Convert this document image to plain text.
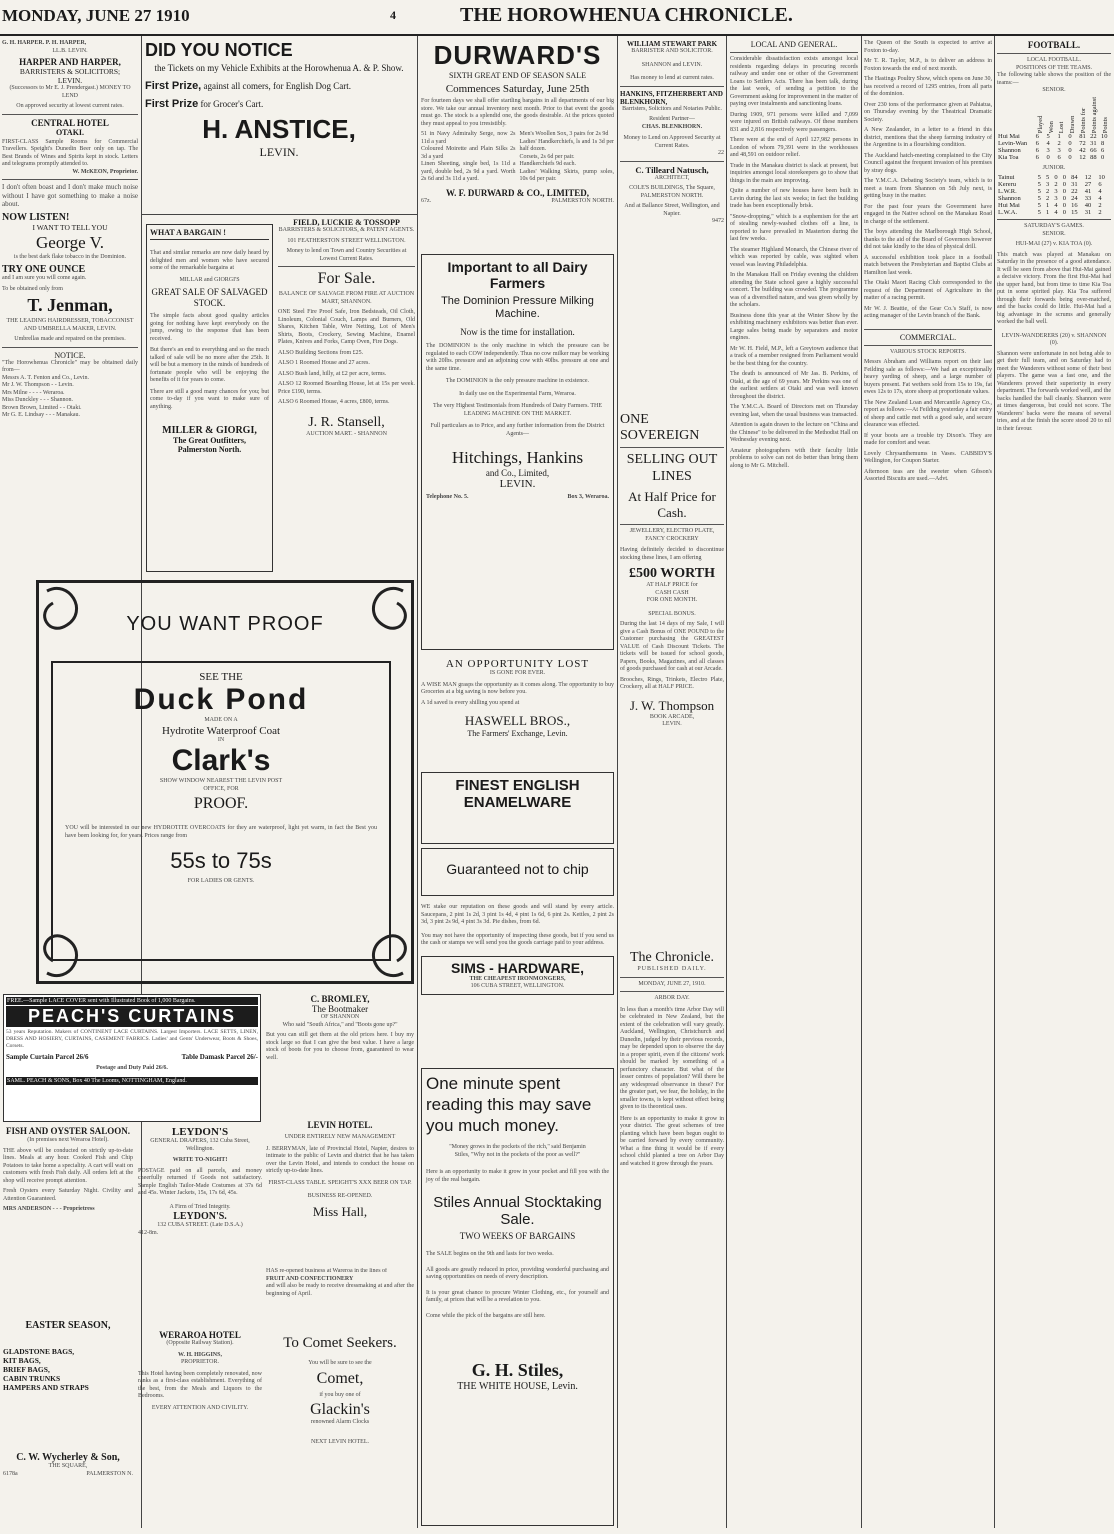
MONDAY, JUNE 27 1910	4	THE HOROWHENUA CHRONICLE.
G. H. HARPER. P. H. HARPER,
LL.B. LEVIN.
HARPER AND HARPER,
BARRISTERS & SOLICITORS;
LEVIN.
(Successors to Mr E. J. Prendergast.) MONEY TO LEND
On approved security at lowest current rates.
CENTRAL HOTEL
OTAKI.
FIRST-CLASS Sample Rooms for Commercial Travellers. Speight's Dunedin Beer only on tap. The Best Brands of Wines and Spirits kept in stock. Letters and telegrams promptly attended to.
W. McKEON, Proprietor.
I don't often boast and I don't make much noise without I have got something to make a noise about.
NOW LISTEN!
I WANT TO TELL YOU
George V.
is the best dark flake tobacco in the Dominion.
TRY ONE OUNCE
and I am sure you will come again.
To be obtained only from
T. Jenman,
THE LEADING HAIRDRESSER, TOBACCONIST AND UMBRELLA MAKER, LEVIN.
Umbrellas made and repaired on the premises.
NOTICE.
"The Horowhenua Chronicle" may be obtained daily from—
Messrs A. T. Fenton and Co., Levin.
Mr J. W. Thompson - - Levin.
Mrs Milne - - - - Weraroa.
Miss Dunckley - - - Shannon.
Brown Brown, Limited - - Otaki.
Mr G. E. Lindsay - - - Manakau.
DID YOU NOTICE
the Tickets on my Vehicle Exhibits at the Horowhenua A. & P. Show.
First Prize, against all comers, for English Dog Cart.
First Prize for Grocer's Cart.
H. ANSTICE,
LEVIN.
WHAT A BARGAIN !
That and similar remarks are now daily heard by delighted men and women who have secured some of the remarkable bargains at
MILLAR and GIORGI'S
GREAT SALE OF SALVAGED STOCK.
The simple facts about good quality articles going for nothing have kept everybody on the jump, owing to the response that has been received.
But there's an end to everything and so the much talked of sale will be no more after the 25th. It will be but a memory in the minds of hundreds of fortunate people who will be enjoying the benefits of it for years to come.
There are still a good many chances for you; but come to-day if you want to make sure of anything.
MILLER & GIORGI,
The Great Outfitters,
Palmerston North.
FIELD, LUCKIE & TOSSOPP
BARRISTERS & SOLICITORS, & PATENT AGENTS.
101 FEATHERSTON STREET WELLINGTON.
Money to lend on Town and Country Securities at Lowest Current Rates.
For Sale.
BALANCE OF SALVAGE FROM FIRE AT AUCTION MART, SHANNON.
ONE Steel Fire Proof Safe, Iron Bedsteads, Oil Cloth, Linoleum, Colonial Couch, Lamps and Burners, Old Shares, Kitchen Table, Wire Netting, Lot of Men's Shirts, Boots, Crockery, Sewing Machine, Enamel Plates, Knives and Forks, Camp Oven, Fire Dogs.
ALSO Building Sections from £25.
ALSO 1 Roomed House and 27 acres.
ALSO Bush land, hilly, at £2 per acre, terms.
ALSO 12 Roomed Boarding House, let at 15s per week. Price £190, terms.
ALSO 6 Roomed House, 4 acres, £800, terms.
J. R. Stansell,
AUCTION MART. - SHANNON
DURWARD'S
SIXTH GREAT END OF SEASON SALE
Commences Saturday, June 25th
For fourteen days we shall offer startling bargains in all departments of our big store. We take our annual inventory next month. Prior to that event the goods must go. The stock is a splendid one, the goods desirable. At the prices quoted they must appeal to you irresistibly.
51 in Navy Admiralty Serge, now 2s 11d a yard
Coloured Moirette and Plain Silks 2s 3d a yard
Linen Sheeting, single bed, 1s 11d a yard, double bed, 2s 9d a yard. Worth 2s 6d and 3s 11d a yard.
Men's Woollen Sox, 3 pairs for 2s 9d
Ladies' Handkerchiefs, ls and 1s 3d per half dozen.
Corsets, 2s 6d per pair.
Handkerchiefs 9d each.
Ladies' Walking Skirts, pump soles, 10s 6d per pair.
W. F. DURWARD & CO., LIMITED,
67z.	PALMERSTON NORTH.
Important to all Dairy Farmers
The Dominion Pressure Milking Machine.
Now is the time for installation.
The DOMINION is the only machine in which the pressure can be regulated to each COW independently. Thus no cow milker may be working with 20lbs. pressure and an adjoining cow with 40lbs. pressure at one and the same time.
The DOMINION is the only pressure machine in existence.
In daily use on the Experimental Farm, Weraroa.
The very Highest Testimonials from Hundreds of Dairy Farmers. THE LEADING MACHINE ON THE MARKET.
Full particulars as to Price, and any further information from the District Agents—
Hitchings, Hankins
and Co., Limited,
LEVIN.
Telephone No. 5.	Box 3, Weraroa.
AN OPPORTUNITY LOST
IS GONE FOR EVER.
A WISE MAN grasps the opportunity as it comes along. The opportunity to buy Groceries at a big saving is now before you.
A 1d saved is every shilling you spend at
HASWELL BROS.,
The Farmers' Exchange, Levin.
FINEST ENGLISH ENAMELWARE
Guaranteed not to chip
WE stake our reputation on these goods and will stand by every article. Saucepans, 2 pint 1s 2d, 3 pint 1s 4d, 4 pint 1s 6d, 6 pint 2s. Kettles, 2 pint 2s 3d, 3 pint 2s 9d, 4 pint 3s 3d. Pie dishes, from 6d.
You may not have the opportunity of inspecting these goods, but if you send us the cash or stamps we will send you the goods carriage paid to your address.
SIMS - HARDWARE,
THE CHEAPEST IRONMONGERS,
106 CUBA STREET, WELLINGTON.
One minute spent reading this may save you much money.
"Money grows in the pockets of the rich," said Benjamin Stiles, "Why not in the pockets of the poor as well?"
Here is an opportunity to make it grow in your pocket and fill you with the joy of the real bargain.
Stiles Annual Stocktaking Sale.
TWO WEEKS OF BARGAINS
The SALE begins on the 9th and lasts for two weeks.
All goods are greatly reduced in price, providing wonderful purchasing and saving opportunities on needs of every description.
It is your great chance to procure Winter Clothing, etc., for yourself and family, at prices that will be a revelation to you.
Come while the pick of the bargains are still here.
G. H. Stiles,
THE WHITE HOUSE, Levin.
YOU WANT PROOF
SEE THE
Duck Pond
MADE ON A
Hydrotite Waterproof Coat
IN
Clark's
SHOW WINDOW NEAREST THE LEVIN POST OFFICE, FOR
PROOF.
YOU will be interested in our new HYDROTITE OVERCOATS for they are waterproof, light yet warm, in fact the Best you have been looking for, for years. Prices range from
55s to 75s
FOR LADIES OR GENTS.
FREE.—Sample LACE COVER sent with Illustrated Book of 1,000 Bargains.
PEACH'S CURTAINS
53 years Reputation. Makers of CONTINENT LACE CURTAINS. Largest Importers. LACE SETTS, LINEN, DRESS AND HOSIERY, CURTAINS, CASEMENT FABRICS. Ladies' and Gents' Underwear, Boots & Shoes, Corsets.
Sample Curtain Parcel 26/6	Table Damask Parcel 26/-
Postage and Duty Paid 26/6.
SAML. PEACH & SONS, Box 40 The Looms, NOTTINGHAM, England.
C. BROMLEY,
The Bootmaker
OF SHANNON
Who said "South Africa," and "Boots gone up?"
But you can still get them at the old prices here. I buy my stock large so that I can give the best value. I have a large stock of boots for you to choose from, guaranteed to wear well.
LEVIN HOTEL.
UNDER ENTIRELY NEW MANAGEMENT
J. BERRYMAN, late of Provincial Hotel, Napier, desires to intimate to the public of Levin and district that he has taken over the Levin Hotel, and intends to conduct the house on strictly up-to-date lines.
FIRST-CLASS TABLE. SPEIGHT'S XXX BEER ON TAP.
BUSINESS RE-OPENED.
Miss Hall,
HAS re-opened business at Wareroa in the lines of
FRUIT AND CONFECTIONERY
and will also be ready to receive dressmaking at and after the beginning of April.
To Comet Seekers.
You will be sure to see the
Comet,
if you buy one of
Glackin's
renowned Alarm Clocks
NEXT LEVIN HOTEL.
FISH AND OYSTER SALOON.
(In premises next Weraroa Hotel).
THE above will be conducted on strictly up-to-date lines. Meals at any hour. Cooked Fish and Chip Potatoes to take home a speciality. A cart will wait on customers with fresh Fish daily. All orders left at the shop will receive prompt attention.
Fresh Oysters every Saturday Night. Civility and Attention Guaranteed.
MRS ANDERSON - - - Proprietress
EASTER SEASON,
GLADSTONE BAGS,
KIT BAGS,
BRIEF BAGS,
CABIN TRUNKS
HAMPERS AND STRAPS
C. W. Wycherley & Son,
THE SQUARE,
6178a	PALMERSTON N.
LEYDON'S
GENERAL DRAPERS, 132 Cuba Street, Wellington.
WRITE TO-NIGHT!
POSTAGE paid on all parcels, and money cheerfully returned if Goods not satisfactory. Sample English Tailor-Made Costumes at 37s 6d and 45s. Winter Jackets, 15s, 17s 6d, 45s.
A Firm of Tried Integrity.
LEYDON'S.
132 CUBA STREET. (Late D.S.A.)
412-8m.
WERAROA HOTEL
(Opposite Railway Station).
W. H. HIGGINS,
PROPRIETOR.
This Hotel having been completely renovated, now ranks as a first-class establishment. Everything of the best, from the Meals and Liquors to the Bedrooms.
EVERY ATTENTION AND CIVILITY.
WILLIAM STEWART PARK
BARRISTER AND SOLICITOR.
SHANNON and LEVIN.
Has money to lend at current rates.
HANKINS, FITZHERBERT AND BLENKHORN,
Barristers, Solicitors and Notaries Public.
Resident Partner—
CHAS. BLENKHORN.
Money to Lend on Approved Security at Current Rates.
22
C. Tilleard Natusch,
ARCHITECT,
COLE'S BUILDINGS, The Square, PALMERSTON NORTH.
And at Ballance Street, Wellington, and Napier.
9472
ONE
SOVEREIGN
SELLING OUT LINES
At Half Price for Cash.
JEWELLERY, ELECTRO PLATE, FANCY CROCKERY
Having definitely decided to discontinue stocking these lines, I am offering
£500 WORTH
AT HALF PRICE for
CASH CASH
FOR ONE MONTH.
SPECIAL BONUS.
During the last 14 days of my Sale, I will give a Cash Bonus of ONE POUND to the Customer purchasing the GREATEST VALUE of Cash Discount Tickets. The tickets will be issued for school goods, Papers, Books, Magazines, and all classes of goods purchased for cash at our Arcade.
Brooches, Rings, Trinkets, Electro Plate, Crockery, all at HALF PRICE.
J. W. Thompson
BOOK ARCADE,
LEVIN.
The Chronicle.
PUBLISHED DAILY.
MONDAY, JUNE 27, 1910.
ARBOR DAY.
In less than a month's time Arbor Day will be celebrated in New Zealand, but the extent of the celebration will vary greatly. Auckland, Wellington, Christchurch and Dunedin, judged by their previous records, may be depended upon to observe the day in a proper spirit, even if the citizens' work should be marked by something of a perfunctory character. But what of the lesser centres of population? Will there be any widespread observance in these? For the greater part, we fear, the holiday, in the smaller towns, is kept without effect being given to its theoretical uses.
Here is an opportunity to make it grow in your district. The great schemes of tree planting which have been begun ought to be carried forward by every community. What a fine thing it would be if every school child planted a tree on Arbor Day and watched it grow through the years.
LOCAL AND GENERAL.

Considerable dissatisfaction exists amongst local residents regarding delays in procuring records railway and under one or other of the Government Loans to Settlers Acts. There has been talk, during the last week, of sending a petition to the Government asking for improvement in the matter of paying over instalments and sanctioning loans.

During 1909, 971 persons were killed and 7,099 were injured on British railways. Of these numbers 831 and 2,816 respectively were passengers.

There were at the end of April 127,982 persons in London of whom 79,391 were in the workhouses and 48,591 on outdoor relief.

Trade in the Manakau district is slack at present, but inquiries amongst local storekeepers go to show that things in the main are improving.

Quite a number of new houses have been built in Levin during the last six weeks; in fact the building trade has been exceptionally brisk.

"Snow-dropping," which is a euphemism for the art of stealing newly-washed clothes off a line, is reported to have prevailed in Masterton during the last few weeks.

The steamer Highland Monarch, the Chinese river of which was reported by cable, was sighted when vessel was leaving Philadelphia.

In the Manakau Hall on Friday evening the children attending the State school gave a highly successful concert. The building was crowded. The programme was of a diversified nature, and was given wholly by the scholars.

Business done this year at the Winter Show by the exhibiting machinery exhibitors was better than ever. Large sales being made by separators and motor engines.

Mr W. H. Field, M.P., left a Greytown audience that a track of a member resigned from Parliament would be the best thing for the country.

The death is announced of Mr Jas. B. Perkins, of Otaki, at the age of 69 years. Mr Perkins was one of the earliest settlers at Otaki and was well known throughout the district.

The Y.M.C.A. Board of Directors met on Thursday evening last, when the usual business was transacted.

Attention is again drawn to the lecture on "China and the Chinese" to be delivered in the Methodist Hall on Wednesday evening next.

Amateur photographers with their faculty little problems to solve can not do better than bring them along to Mr G. Mitchell.

The Queen of the South is expected to arrive at Foxton to-day.

Mr T. R. Taylor, M.P., is to deliver an address in Foxton towards the end of next month.

The Hastings Poultry Show, which opens on June 30, has received a record of 1295 entries, from all parts of the dominion.

Over 230 tons of the performance given at Pahiatua, on Thursday evening by the Theatrical Dramatic Society.

A New Zealander, in a letter to a friend in this district, mentions that the sheep farming industry of the Argentine is in a flourishing condition.

The Auckland hatch-meeting complained to the City Council against the frequent invasion of his premises by stray dogs.

The Y.M.C.A. Debating Society's team, which is to meet a team from Shannon on 5th July next, is getting busy in the matter.

For the past four years the Government have engaged in the Native school on the Manakau Road in charge of the settlement.

The boys attending the Marlborough High School, thanks to the aid of the Board of Governors however did not take kindly to the idea of physical drill.

A successful exhibition took place in a football match between the Presbyterian and Baptist Clubs at Hamilton last week.

The Otaki Maori Racing Club corresponded to the request of the Department of Agriculture in the matter of a racing permit.

Mr W. J. Beattie, of the Gear Co.'s Staff, is now acting manager of the Levin branch of the Bank.

COMMERCIAL.
VARIOUS STOCK REPORTS.

Messrs Abraham and Williams report on their last Feilding sale as follows:—We had an exceptionally heavy yarding of sheep, and a large number of buyers present. Fat wethers sold from 15s to 19s, fat ewes 12s to 17s, store sheep at proportionate values.

The New Zealand Loan and Mercantile Agency Co., report as follows:—At Feilding yesterday a fair entry of sheep and cattle met with a good sale, and secure clearance was effected.

If your boots are a trouble try Dixon's. They are made for comfort and wear.

Lovely Chrysanthemums in Vases. CABBIDY'S Wellington, for Coupon Starter.

Afternoon teas are the sweeter when Gibson's Assorted Biscuits are used.—Advt.

FOOTBALL.
LOCAL FOOTBALL.
POSITIONS OF THE TEAMS.
The following table shows the position of the teams:—
SENIOR.
	Played	Won	Lost	Drawn	Points for	Points against	Points
Hui Mai	6	5	1	0	81	22	10
Levin-Wan	6	4	2	0	72	31	8
Shannon	6	3	3	0	42	66	6
Kia Toa	6	0	6	0	12	88	0
JUNIOR.
Tainui	5	5	0	0	84	12	10
Kereru	5	3	2	0	31	27	6
L.W.R.	5	2	3	0	22	41	4
Shannon	5	2	3	0	24	33	4
Hui Mai	5	1	4	0	16	40	2
L.W.A.	5	1	4	0	15	31	2
SATURDAY'S GAMES.
SENIOR.
HUI-MAI (27) v. KIA TOA (0).

This match was played at Manakau on Saturday in the presence of a good attendance. It will be seen from above that Hui-Mai gained a decisive victory. From the first Hui-Mai had the upper hand, but from time to time Kia Toa put in some spirited play. Kia Toa suffered through their forwards being over-matched, and the backs could do little. Hui-Mai had a big advantage in the scrums and generally worked the ball well.

LEVIN-WANDERERS (20) v. SHANNON (0).

Shannon were unfortunate in not being able to get their full team, and on Saturday had to meet the Wanderers without some of their best players. The game was a fast one, and the Wanderers proved their superiority in every department. The forwards worked well, and the backs handled the ball cleanly. Shannon were at times dangerous, but could not score. The Wanderers' backs were the means of several tries, and at the finish the score stood 20 to nil in their favour.
